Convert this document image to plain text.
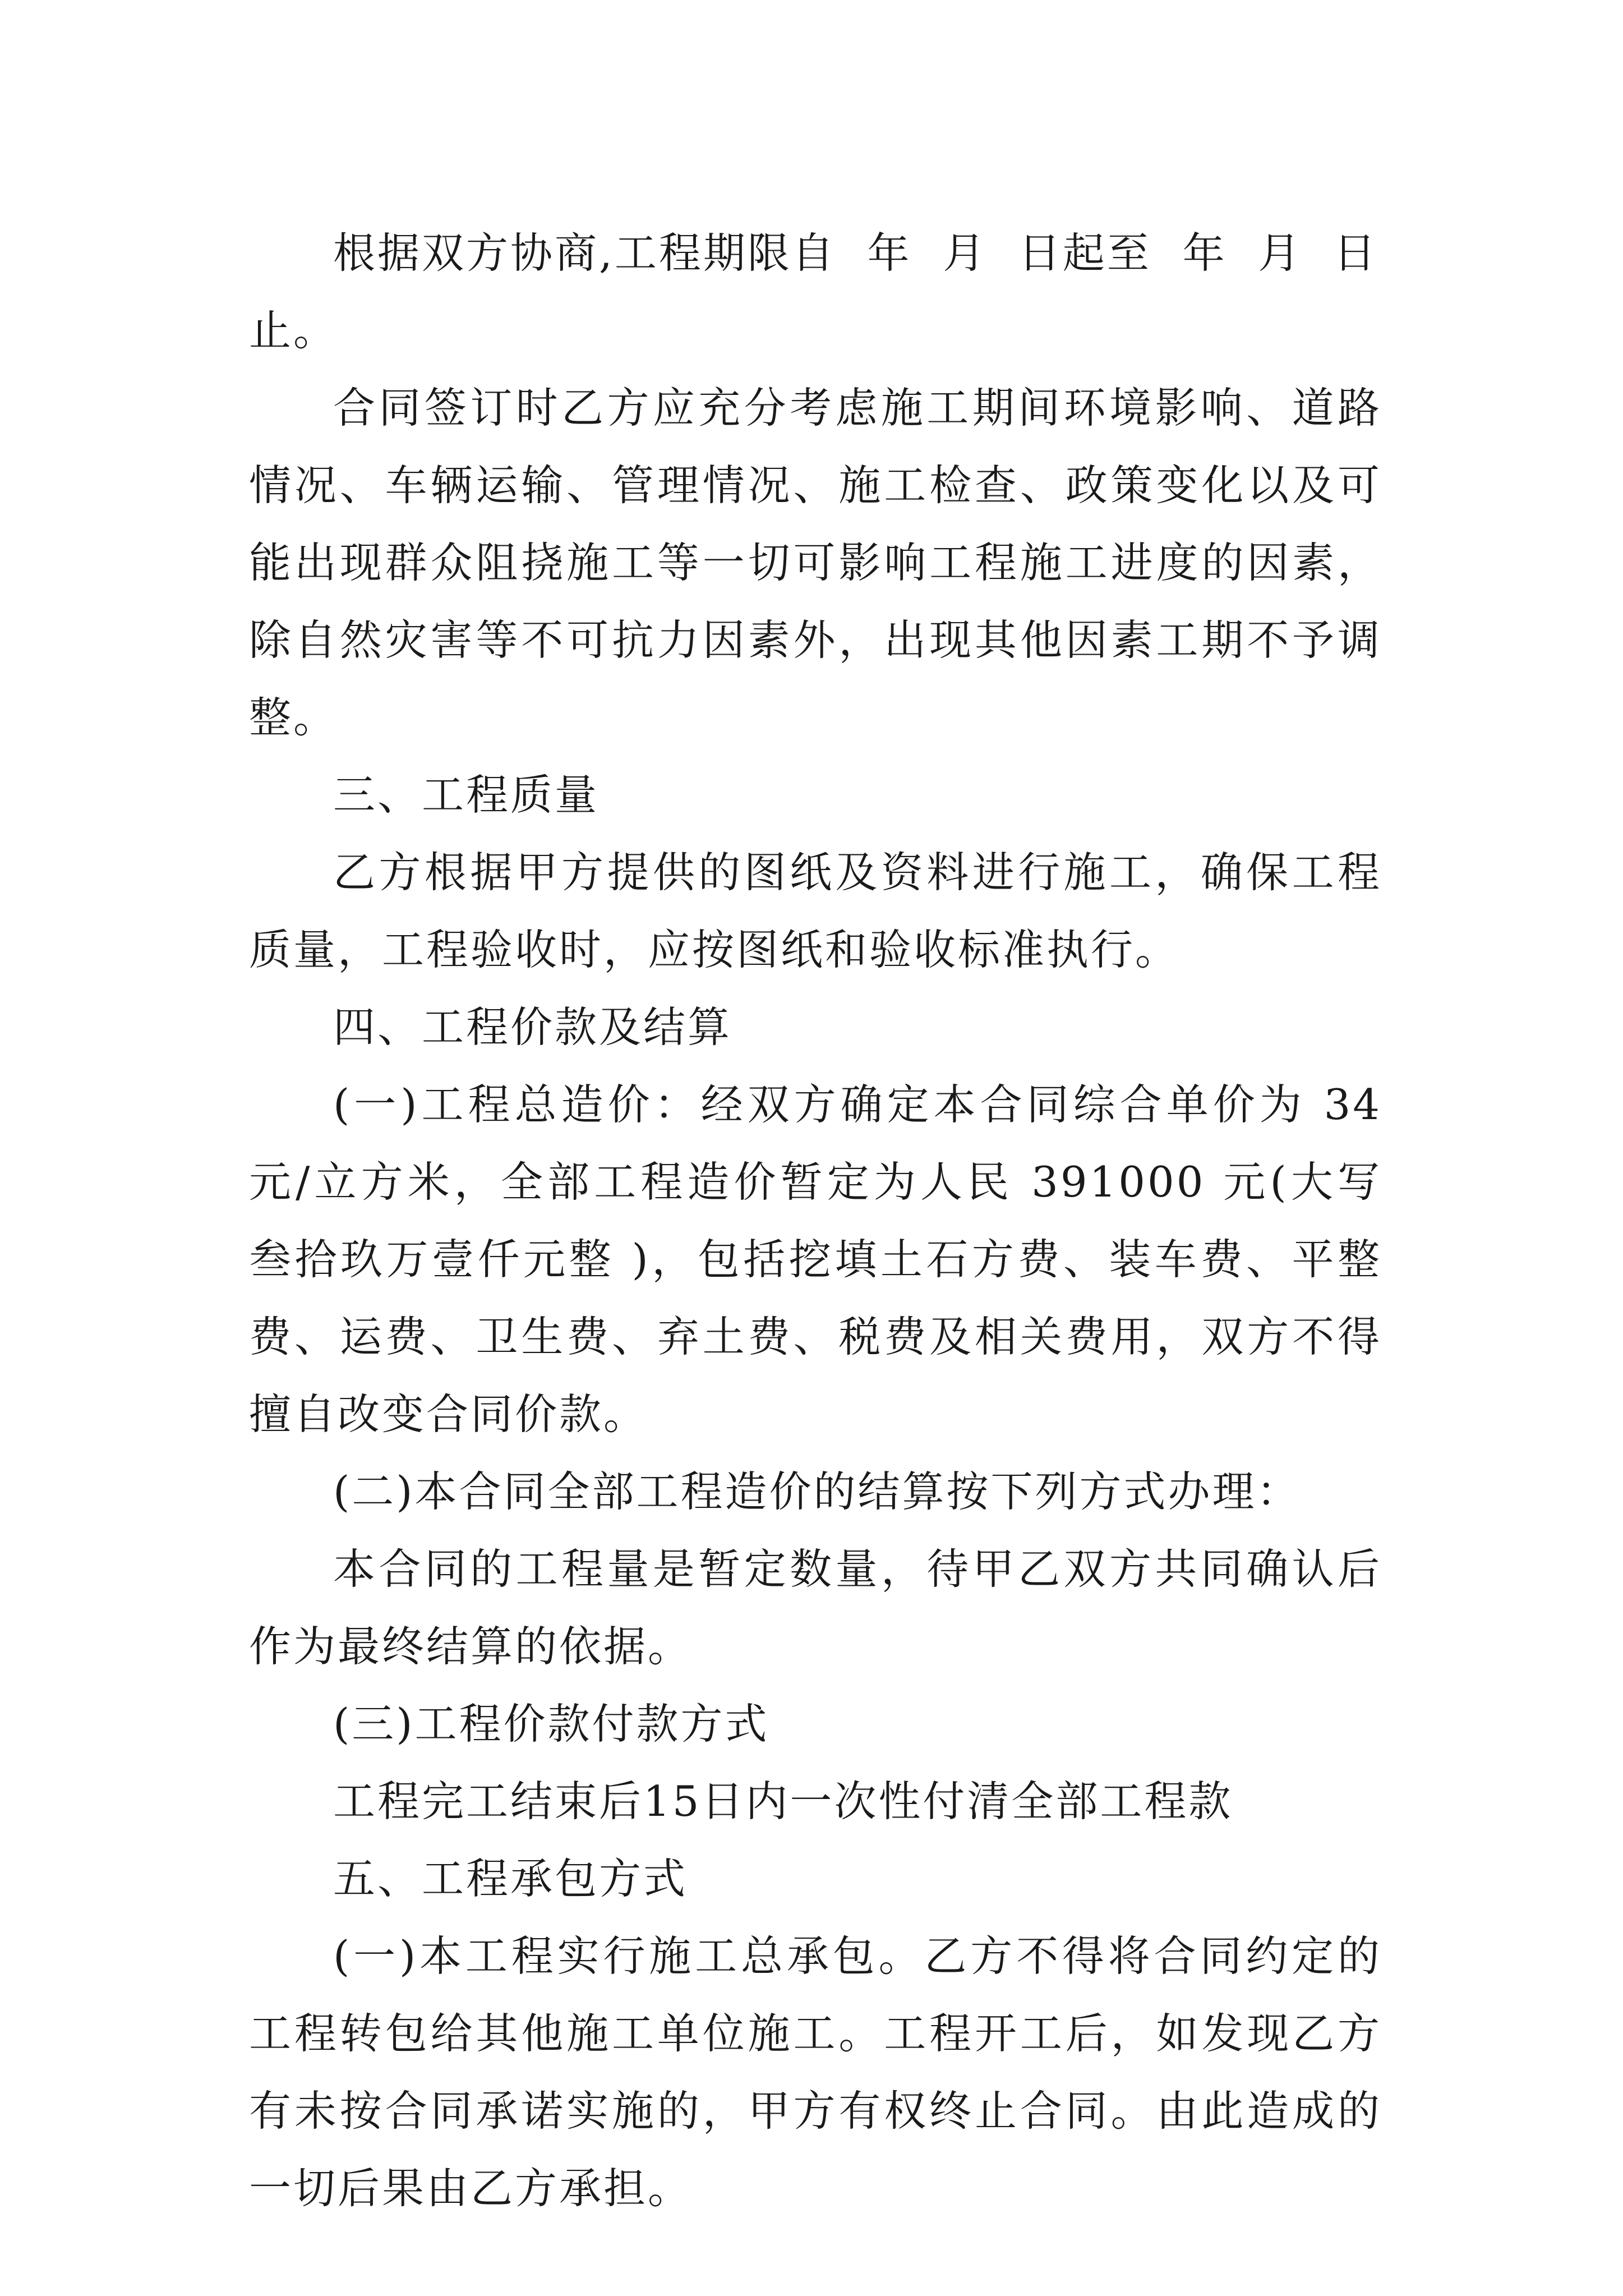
根据双方协商,工程期限自  年  月  日起至  年  月  日止。

合同签订时乙方应充分考虑施工期间环境影响、道路情况、车辆运输、管理情况、施工检查、政策变化以及可能出现群众阻挠施工等一切可影响工程施工进度的因素，除自然灾害等不可抗力因素外，出现其他因素工期不予调整。

三、工程质量

乙方根据甲方提供的图纸及资料进行施工，确保工程质量，工程验收时，应按图纸和验收标准执行。

四、工程价款及结算

(一)工程总造价：经双方确定本合同综合单价为 34 元/立方米，全部工程造价暂定为人民 391000 元(大写 叁拾玖万壹仟元整 )，包括挖填土石方费、装车费、平整费、运费、卫生费、弃土费、税费及相关费用，双方不得擅自改变合同价款。

(二)本合同全部工程造价的结算按下列方式办理：

本合同的工程量是暂定数量，待甲乙双方共同确认后作为最终结算的依据。

(三)工程价款付款方式

工程完工结束后15日内一次性付清全部工程款

五、工程承包方式

(一)本工程实行施工总承包。乙方不得将合同约定的工程转包给其他施工单位施工。工程开工后，如发现乙方有未按合同承诺实施的，甲方有权终止合同。由此造成的一切后果由乙方承担。
